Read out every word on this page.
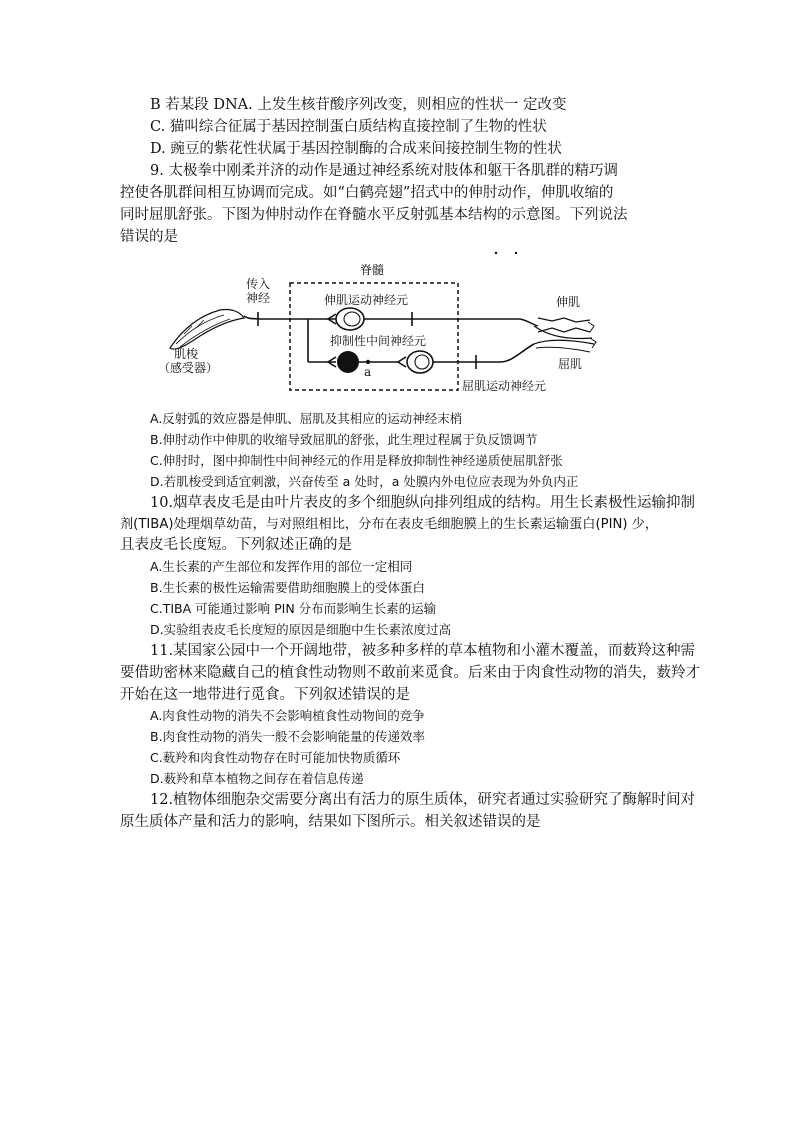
B 若某段 DNA. 上发生核苷酸序列改变，则相应的性状一 定改变
C. 猫叫综合征属于基因控制蛋白质结构直接控制了生物的性状
D. 豌豆的紫花性状属于基因控制酶的合成来间接控制生物的性状
9. 太极拳中刚柔并济的动作是通过神经系统对肢体和躯干各肌群的精巧调
控使各肌群间相互协调而完成。如“白鹤亮翅”招式中的伸肘动作，伸肌收缩的
同时屈肌舒张。下图为伸肘动作在脊髓水平反射弧基本结构的示意图。下列说法
错误的是
脊髓
传入
神经
肌梭
（感受器）
伸肌运动神经元
抑制性中间神经元
a
屈肌运动神经元
伸肌
屈肌
A.反射弧的效应器是伸肌、屈肌及其相应的运动神经末梢
B.伸肘动作中伸肌的收缩导致屈肌的舒张，此生理过程属于负反馈调节
C.伸肘时，图中抑制性中间神经元的作用是释放抑制性神经递质使屈肌舒张
D.若肌梭受到适宜刺激，兴奋传至 a 处时，a 处膜内外电位应表现为外负内正
10.烟草表皮毛是由叶片表皮的多个细胞纵向排列组成的结构。用生长素极性运输抑制
剂(TIBA)处理烟草幼苗，与对照组相比，分布在表皮毛细胞膜上的生长素运输蛋白(PIN) 少，
且表皮毛长度短。下列叙述正确的是
A.生长素的产生部位和发挥作用的部位一定相同
B.生长素的极性运输需要借助细胞膜上的受体蛋白
C.TIBA 可能通过影响 PIN 分布而影响生长素的运输
D.实验组表皮毛长度短的原因是细胞中生长素浓度过高
11.某国家公园中一个开阔地带，被多种多样的草本植物和小灌木覆盖，而薮羚这种需
要借助密林来隐藏自己的植食性动物则不敢前来觅食。后来由于肉食性动物的消失，薮羚才
开始在这一地带进行觅食。下列叙述错误的是
A.肉食性动物的消失不会影响植食性动物间的竞争
B.肉食性动物的消失一般不会影响能量的传递效率
C.薮羚和肉食性动物存在时可能加快物质循环
D.薮羚和草本植物之间存在着信息传递
12.植物体细胞杂交需要分离出有活力的原生质体，研究者通过实验研究了酶解时间对
原生质体产量和活力的影响，结果如下图所示。相关叙述错误的是
